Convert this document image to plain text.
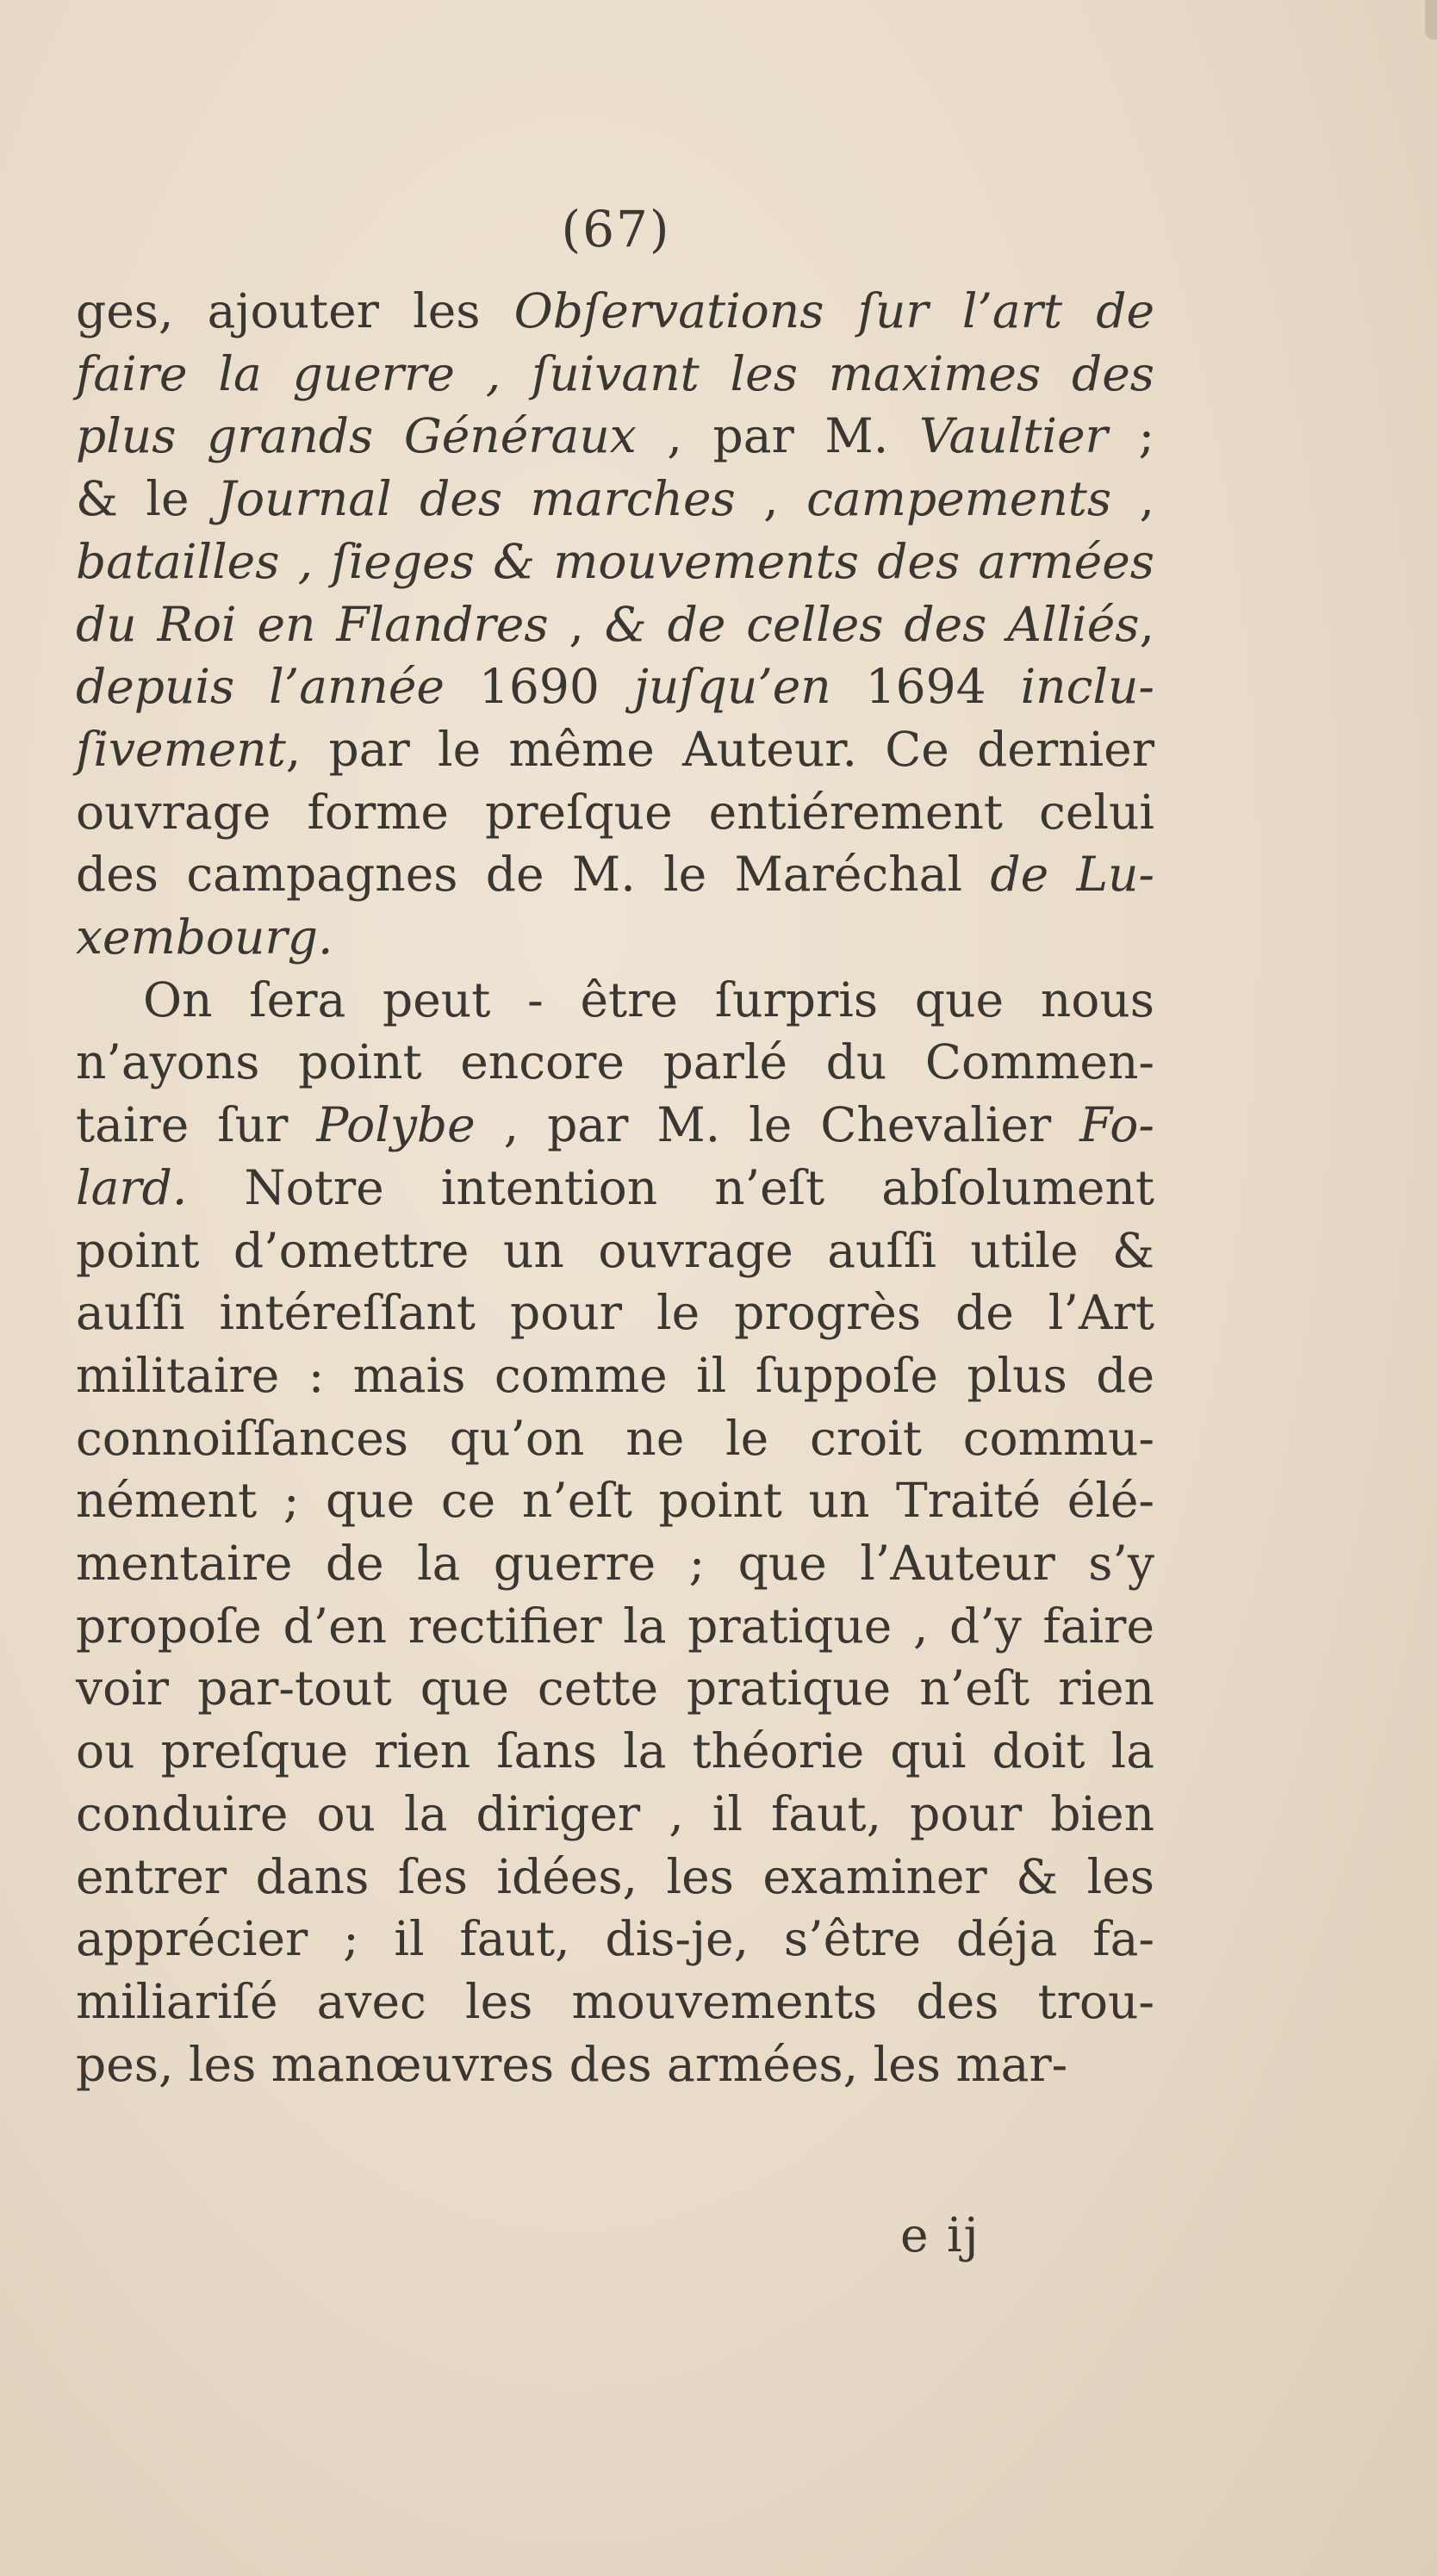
(67)
ges, ajouter les Obſervations ſur l’art de
faire la guerre , ſuivant les maximes des
plus grands Généraux , par M. Vaultier ;
& le Journal des marches , campements ,
batailles , ſieges & mouvements des armées
du Roi en Flandres , & de celles des Alliés,
depuis l’année 1690 juſqu’en 1694 inclu-
ſivement, par le même Auteur. Ce dernier
ouvrage forme preſque entiérement celui
des campagnes de M. le Maréchal de Lu-
xembourg.
On ſera peut - être ſurpris que nous
n’ayons point encore parlé du Commen-
taire ſur Polybe , par M. le Chevalier Fo-
lard. Notre intention n’eſt abſolument
point d’omettre un ouvrage auſſi utile &
auſſi intéreſſant pour le progrès de l’Art
militaire : mais comme il ſuppoſe plus de
connoiſſances qu’on ne le croit commu-
nément ; que ce n’eſt point un Traité élé-
mentaire de la guerre ; que l’Auteur s’y
propoſe d’en rectifier la pratique , d’y faire
voir par-tout que cette pratique n’eſt rien
ou preſque rien ſans la théorie qui doit la
conduire ou la diriger , il faut, pour bien
entrer dans ſes idées, les examiner & les
apprécier ; il faut, dis-je, s’être déja fa-
miliariſé avec les mouvements des trou-
pes, les manœuvres des armées, les mar-
e ij
